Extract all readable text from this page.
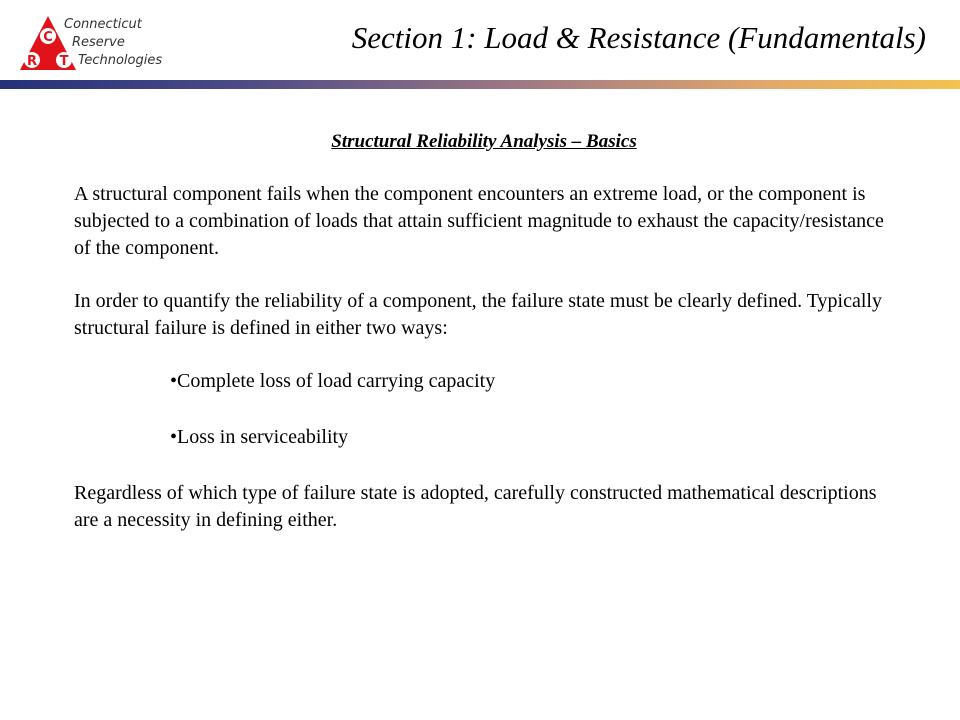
C
R T
Connecticut
Reserve
Technologies
Section 1: Load & Resistance (Fundamentals)
Structural Reliability Analysis – Basics
A structural component fails when the component encounters an extreme load, or the component is subjected to a combination of loads that attain sufficient magnitude to exhaust the capacity/resistance of the component.
In order to quantify the reliability of a component, the failure state must be clearly defined. Typically structural failure is defined in either two ways:
•Complete loss of load carrying capacity
•Loss in serviceability
Regardless of which type of failure state is adopted, carefully constructed mathematical descriptions are a necessity in defining either.
